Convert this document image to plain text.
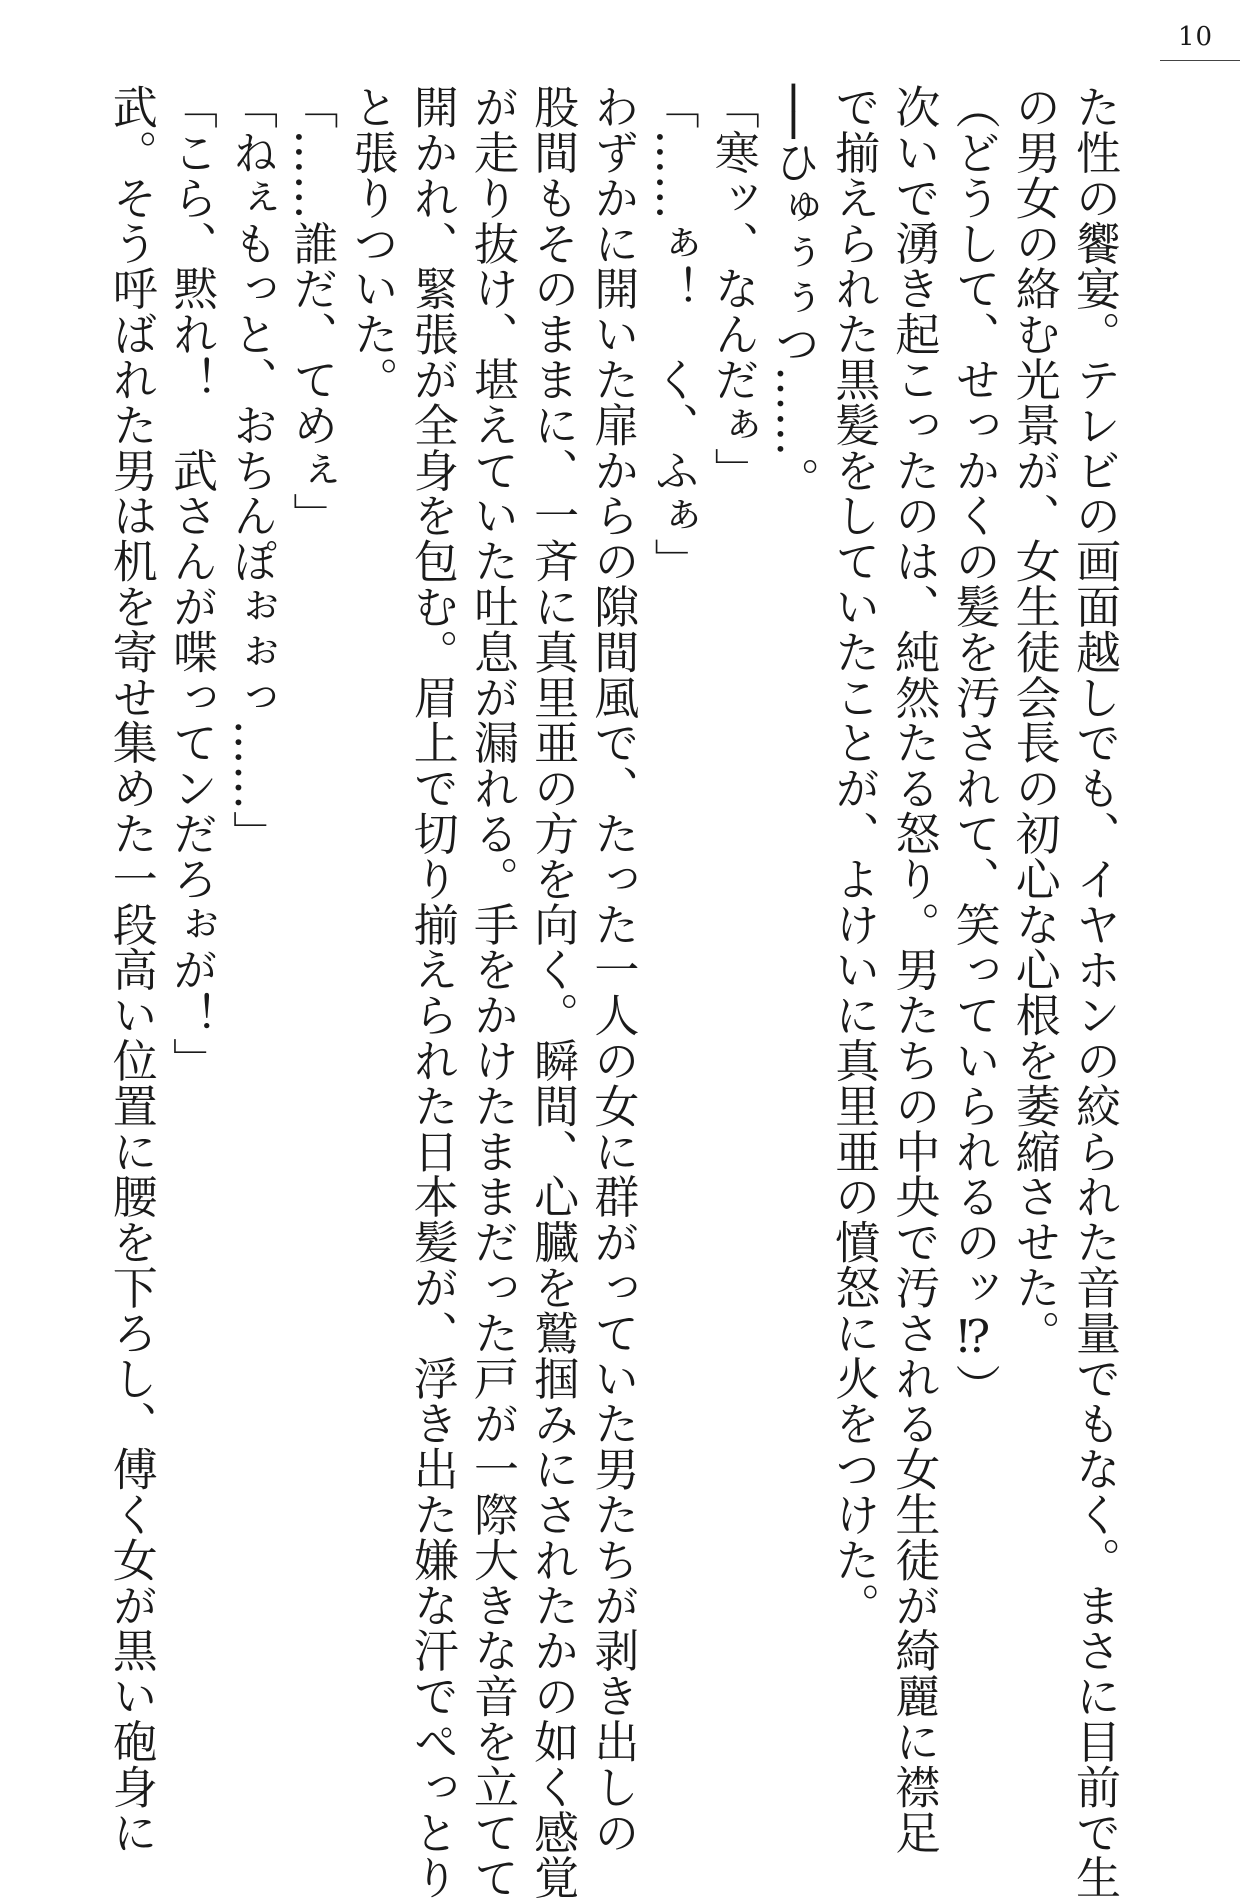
10
た性の饗宴。テレビの画面越しでも、イヤホンの絞られた音量でもなく。まさに目前で生
の男女の絡む光景が、女生徒会長の初心な心根を萎縮させた。
（どうして、せっかくの髪を汚されて、笑っていられるのッ⁉）
次いで湧き起こったのは、純然たる怒り。男たちの中央で汚される女生徒が綺麗に襟足
で揃えられた黒髪をしていたことが、よけいに真里亜の憤怒に火をつけた。
──ひゅぅぅつ……。
「寒ッ、なんだぁ」
「……ぁ！　く、ふぁ」
わずかに開いた扉からの隙間風で、たった一人の女に群がっていた男たちが剥き出しの
股間もそのままに、一斉に真里亜の方を向く。瞬間、心臓を鷲掴みにされたかの如く感覚
が走り抜け、堪えていた吐息が漏れる。手をかけたままだった戸が一際大きな音を立てて
開かれ、緊張が全身を包む。眉上で切り揃えられた日本髪が、浮き出た嫌な汗でぺっとり
と張りついた。
「……誰だ、てめぇ」
「ねぇもっと、おちんぽぉぉっ……」
「こら、黙れ！　武さんが喋ってンだろぉが！」
武。そう呼ばれた男は机を寄せ集めた一段高い位置に腰を下ろし、傅く女が黒い砲身に
